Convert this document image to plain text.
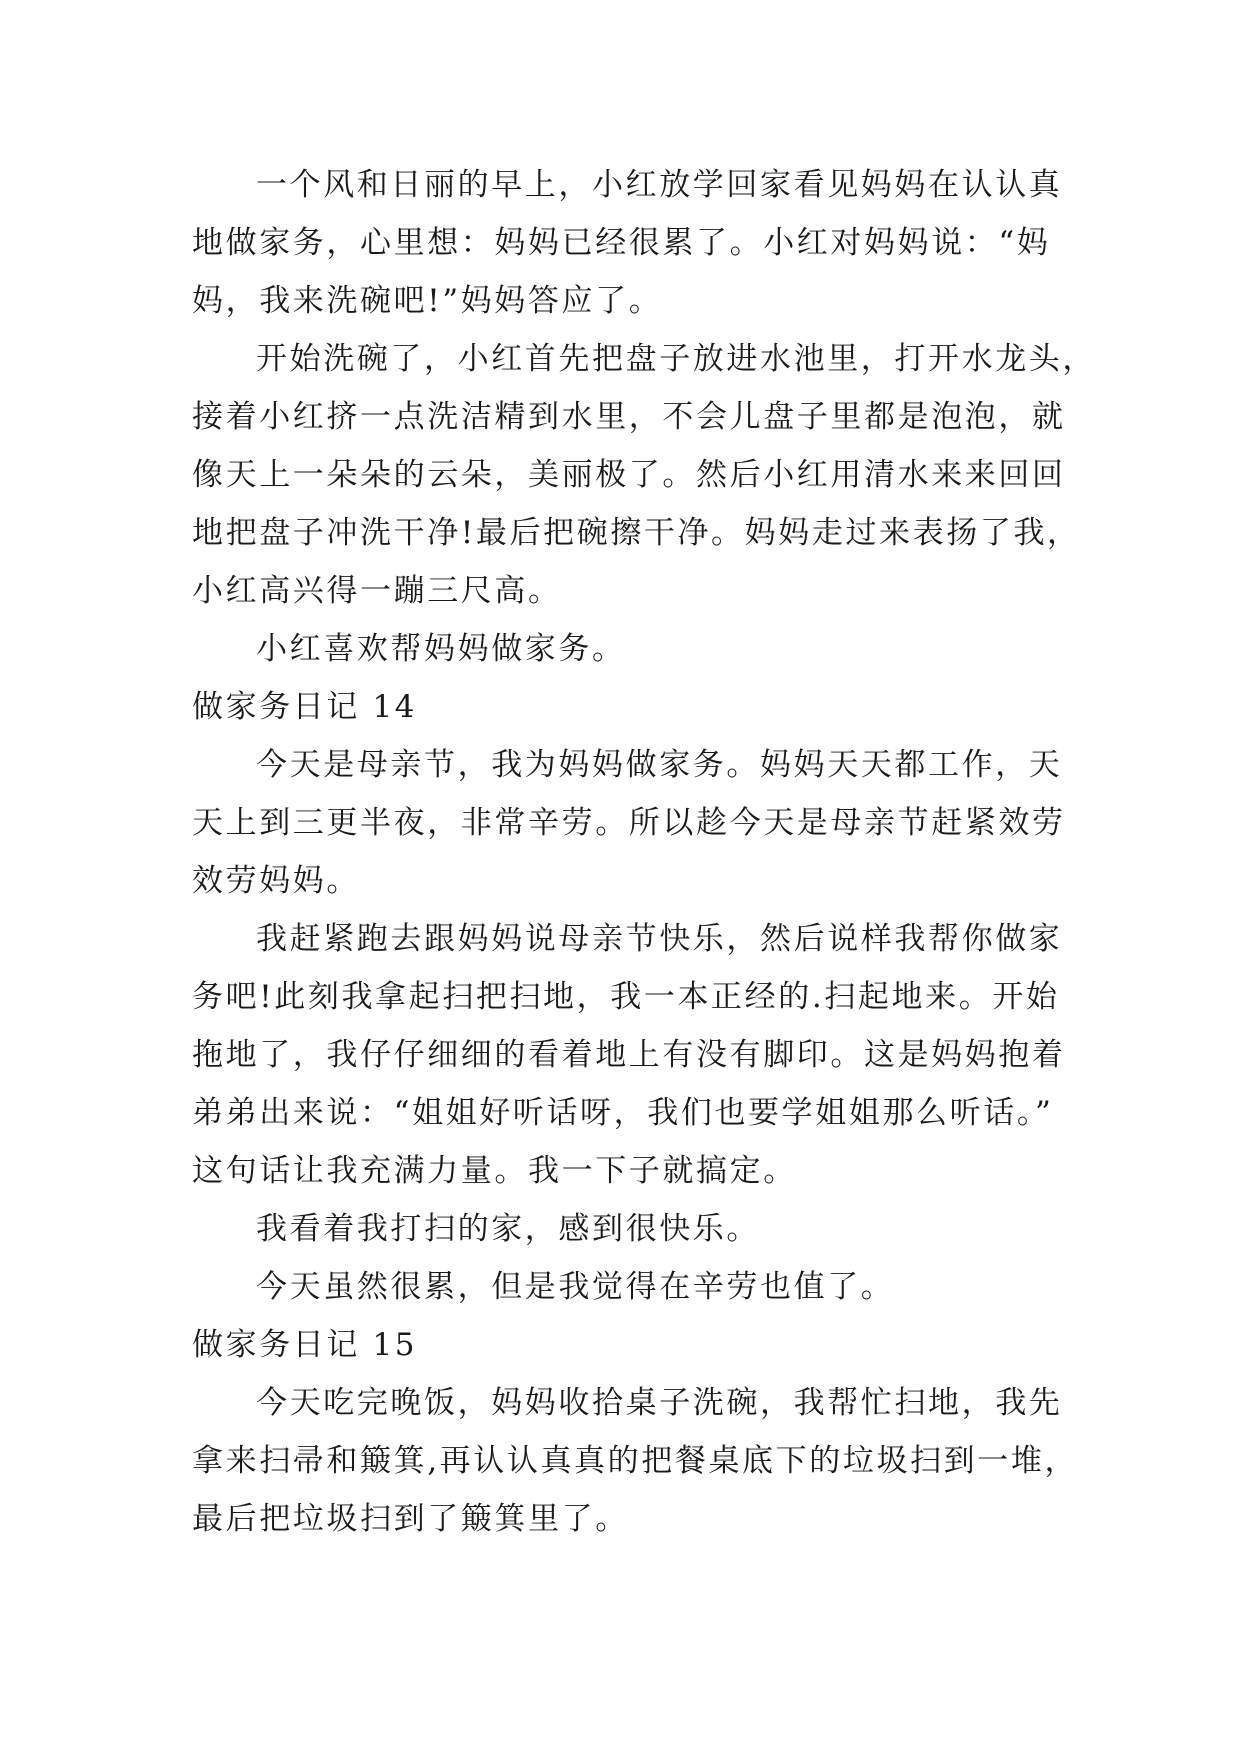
一个风和日丽的早上，小红放学回家看见妈妈在认认真
地做家务，心里想：妈妈已经很累了。小红对妈妈说：“妈
妈，我来洗碗吧!”妈妈答应了。
开始洗碗了，小红首先把盘子放进水池里，打开水龙头，
接着小红挤一点洗洁精到水里，不会儿盘子里都是泡泡，就
像天上一朵朵的云朵，美丽极了。然后小红用清水来来回回
地把盘子冲洗干净!最后把碗擦干净。妈妈走过来表扬了我，
小红高兴得一蹦三尺高。
小红喜欢帮妈妈做家务。
做家务日记 14
今天是母亲节，我为妈妈做家务。妈妈天天都工作，天
天上到三更半夜，非常辛劳。所以趁今天是母亲节赶紧效劳
效劳妈妈。
我赶紧跑去跟妈妈说母亲节快乐，然后说样我帮你做家
务吧!此刻我拿起扫把扫地，我一本正经的.扫起地来。开始
拖地了，我仔仔细细的看着地上有没有脚印。这是妈妈抱着
弟弟出来说：“姐姐好听话呀，我们也要学姐姐那么听话。”
这句话让我充满力量。我一下子就搞定。
我看着我打扫的家，感到很快乐。
今天虽然很累，但是我觉得在辛劳也值了。
做家务日记 15
今天吃完晚饭，妈妈收拾桌子洗碗，我帮忙扫地，我先
拿来扫帚和簸箕,再认认真真的把餐桌底下的垃圾扫到一堆，
最后把垃圾扫到了簸箕里了。
